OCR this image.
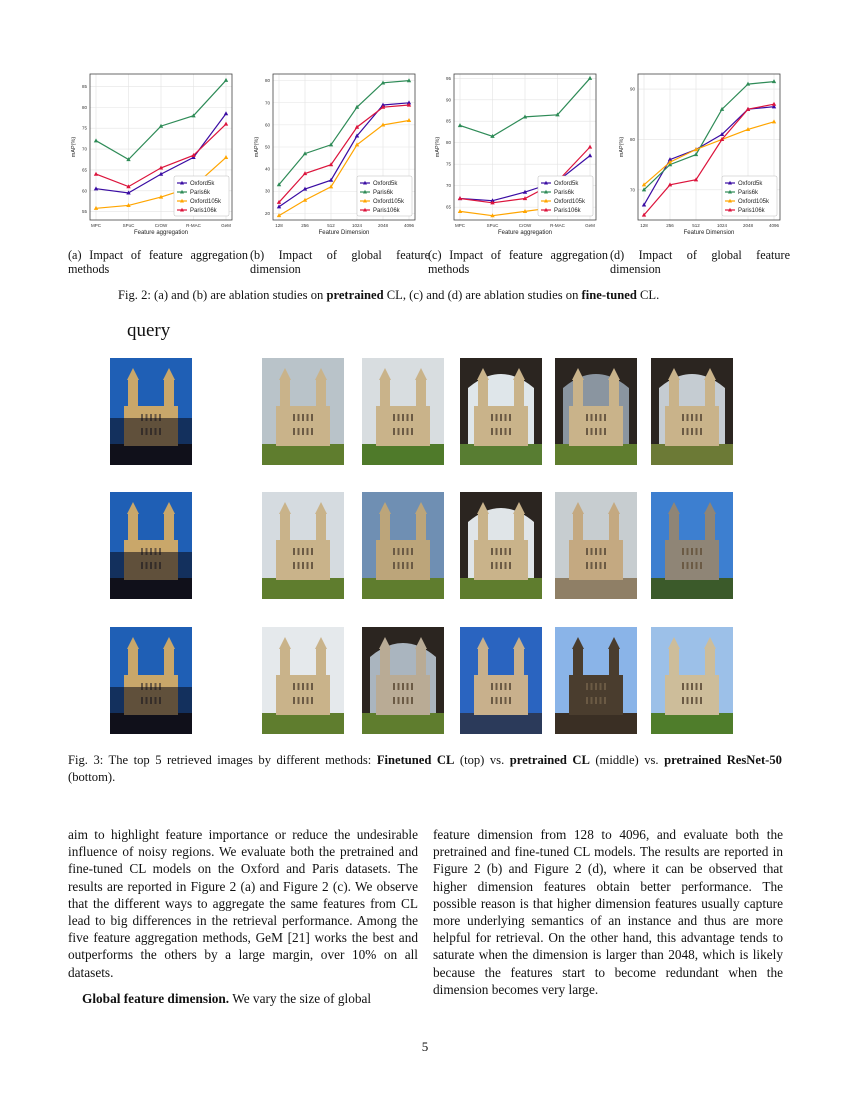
55
60
65
70
75
80
85
MPC	SPoC	CrOW	R-MAC	GeM
Feature aggregation
mAP(%)
Oxford5k
Paris6k
Oxford105k
Paris106k	20
30
40
50
60
70
80
128	256	512	1024	2048	4096
Feature Dimension
mAP(%)
Oxford5k
Paris6k
Oxford105k
Paris106k
65
70
75
80
85
90
95
MPC	SPoC	CrOW	R-MAC	GeM
Feature aggregation
mAP(%)
Oxford5k
Paris6k
Oxford105k
Paris106k
70
80
90
128	256	512	1024	2048	4096
Feature Dimension
mAP(%)
Oxford5k
Paris6k
Oxford105k
Paris106k
(a) Impact of feature aggregation methods
(b) Impact of global feature dimension
(c) Impact of feature aggregation methods
(d) Impact of global feature dimension
Fig. 2: (a) and (b) are ablation studies on pretrained CL, (c) and (d) are ablation studies on fine-tuned CL.
query
Fig. 3: The top 5 retrieved images by different methods: Finetuned CL (top) vs. pretrained CL (middle) vs. pretrained ResNet-50 (bottom).

aim to highlight feature importance or reduce the undesirable influence of noisy regions. We evaluate both the pretrained and fine-tuned CL models on the Oxford and Paris datasets. The results are reported in Figure 2 (a) and Figure 2 (c). We observe that the different ways to aggregate the same features from CL lead to big differences in the retrieval performance. Among the five feature aggregation methods, GeM [21] works the best and outperforms the others by a large margin, over 10% on all datasets.

Global feature dimension. We vary the size of global

feature dimension from 128 to 4096, and evaluate both the pretrained and fine-tuned CL models. The results are reported in Figure 2 (b) and Figure 2 (d), where it can be observed that higher dimension features obtain better performance. The possible reason is that higher dimension features usually capture more underlying semantics of an instance and thus are more helpful for retrieval. On the other hand, this advantage tends to saturate when the dimension is larger than 2048, which is likely because the features start to become redundant when the dimension becomes very large.

5
